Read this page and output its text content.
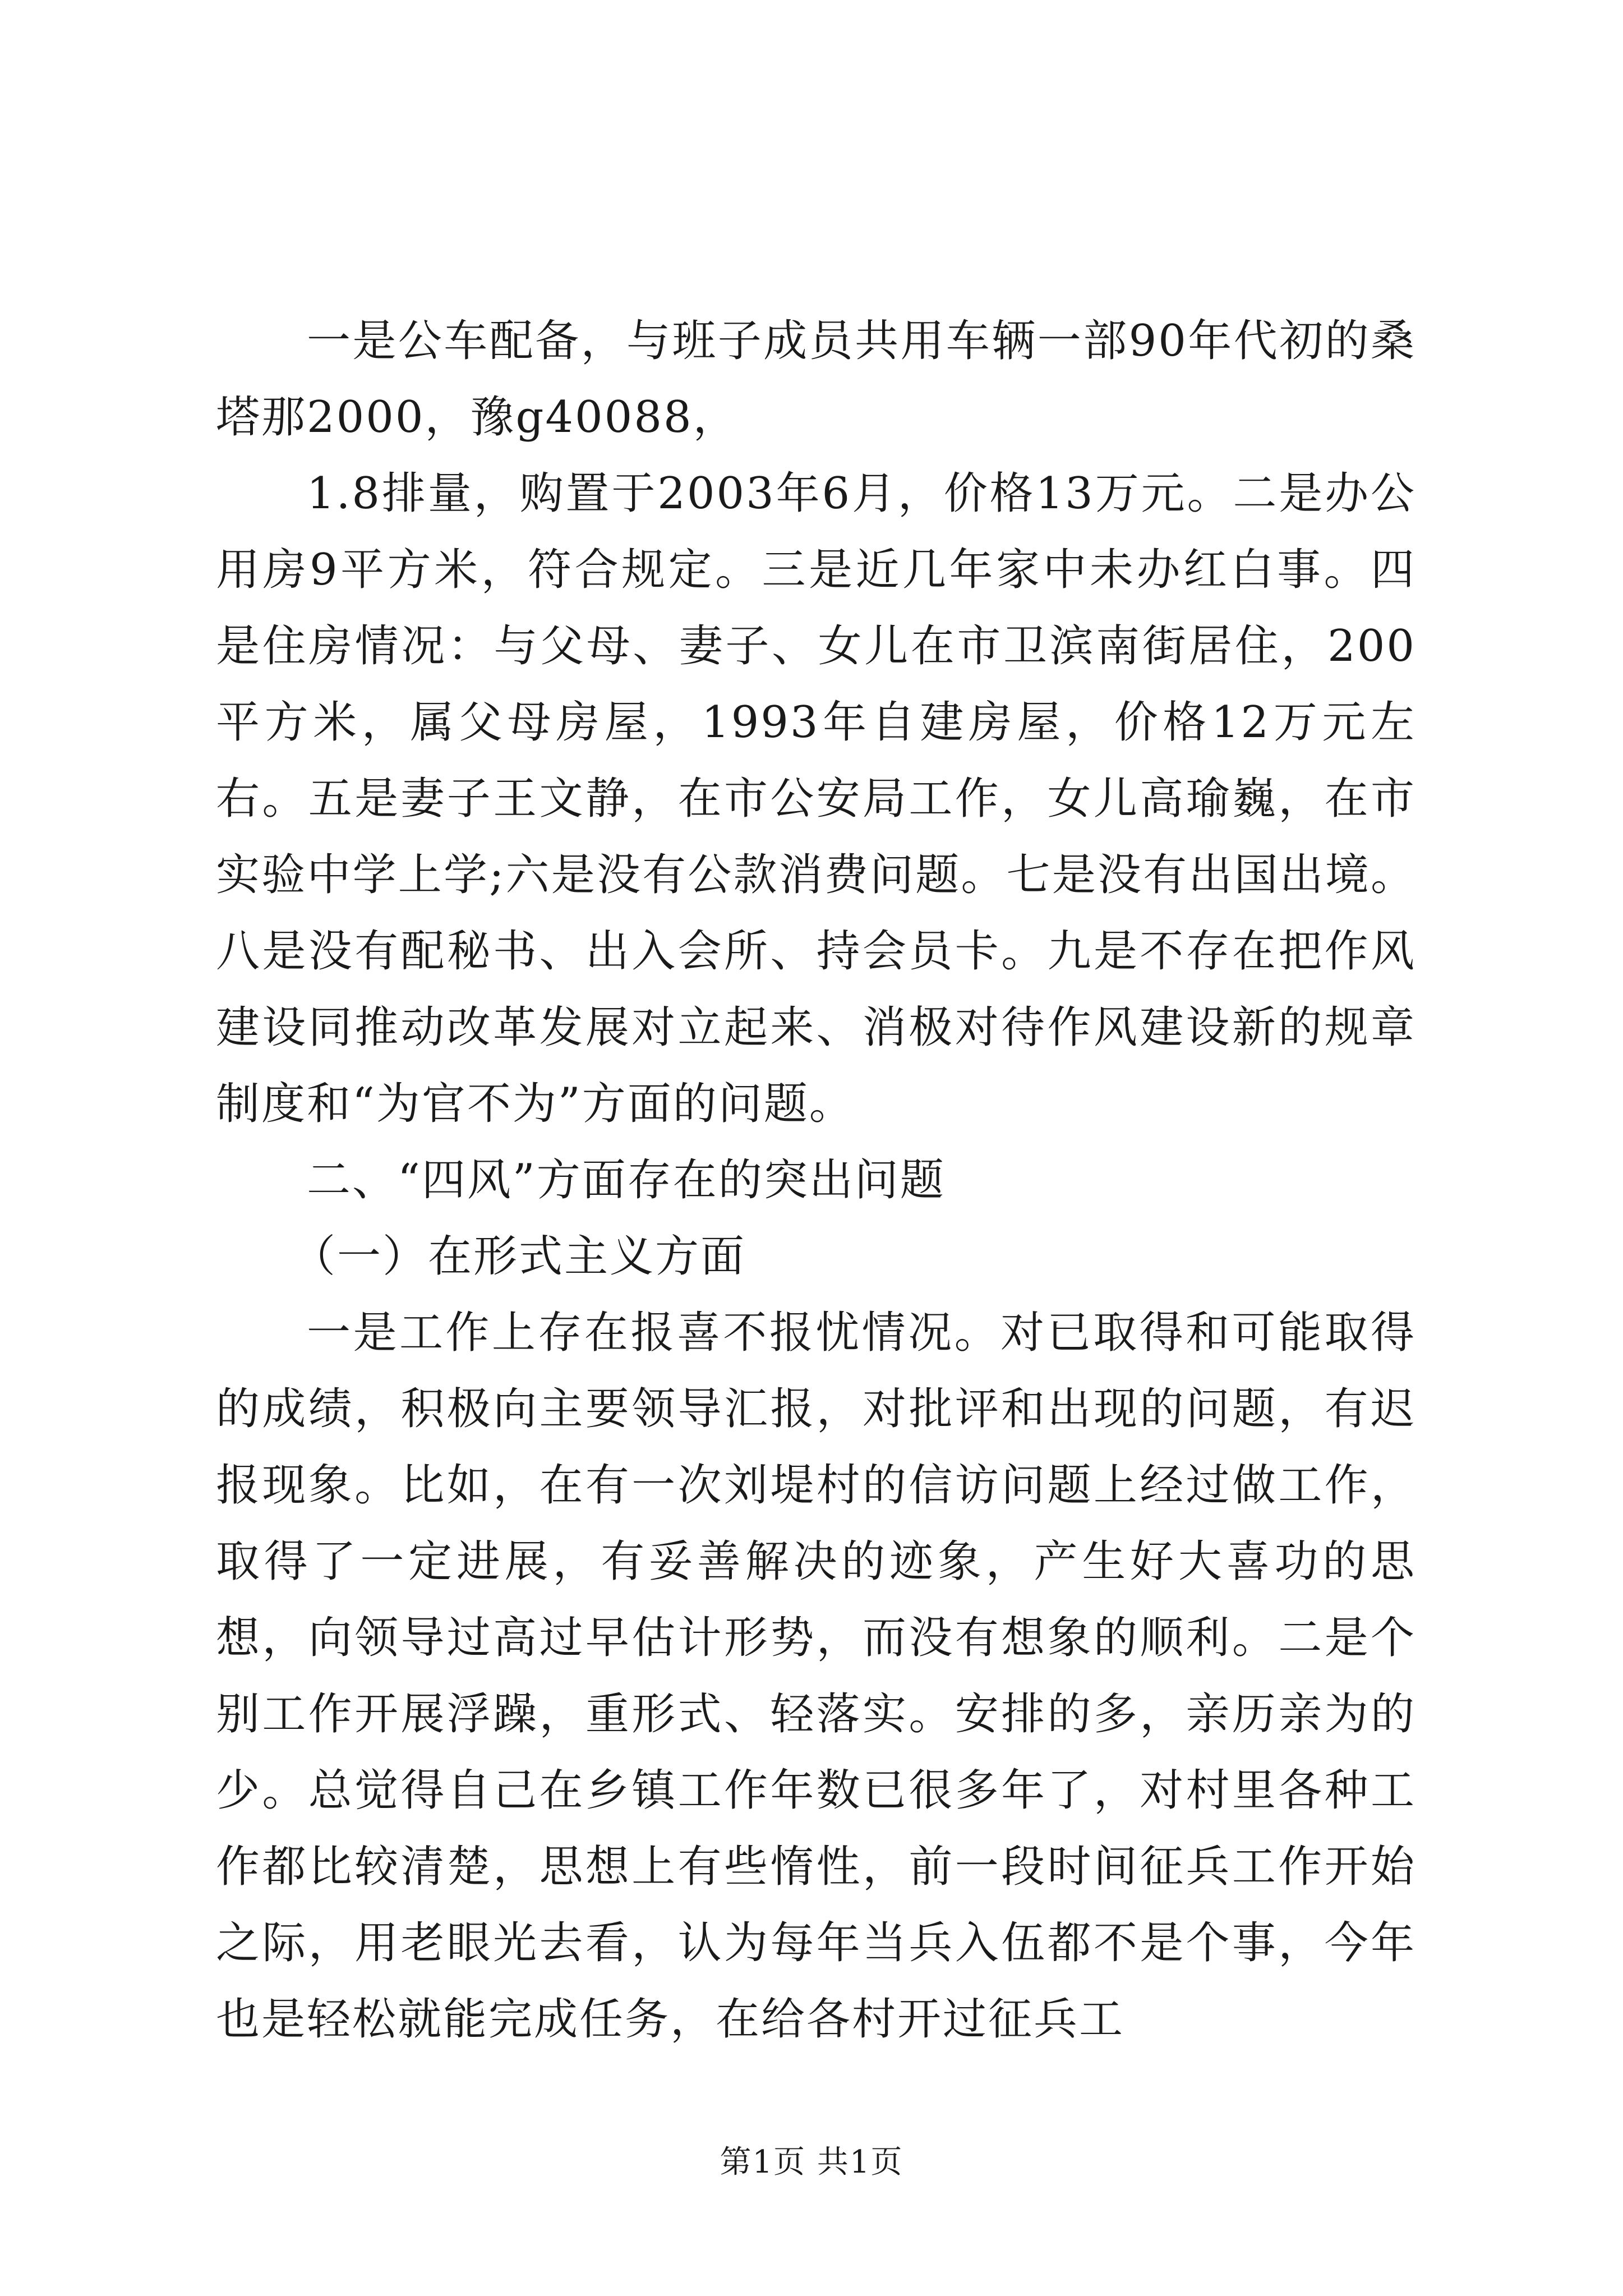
一是公车配备，与班子成员共用车辆一部90年代初的桑塔那2000，豫g40088，

1.8排量，购置于2003年6月，价格13万元。二是办公用房9平方米，符合规定。三是近几年家中未办红白事。四是住房情况：与父母、妻子、女儿在市卫滨南街居住，200平方米，属父母房屋，1993年自建房屋，价格12万元左右。五是妻子王文静，在市公安局工作，女儿高瑜巍，在市实验中学上学;六是没有公款消费问题。七是没有出国出境。八是没有配秘书、出入会所、持会员卡。九是不存在把作风建设同推动改革发展对立起来、消极对待作风建设新的规章制度和“为官不为”方面的问题。

二、“四风”方面存在的突出问题

（一）在形式主义方面

一是工作上存在报喜不报忧情况。对已取得和可能取得的成绩，积极向主要领导汇报，对批评和出现的问题，有迟报现象。比如，在有一次刘堤村的信访问题上经过做工作，取得了一定进展，有妥善解决的迹象，产生好大喜功的思想，向领导过高过早估计形势，而没有想象的顺利。二是个别工作开展浮躁，重形式、轻落实。安排的多，亲历亲为的少。总觉得自己在乡镇工作年数已很多年了，对村里各种工作都比较清楚，思想上有些惰性，前一段时间征兵工作开始之际，用老眼光去看，认为每年当兵入伍都不是个事，今年也是轻松就能完成任务，在给各村开过征兵工

第1页 共1页
